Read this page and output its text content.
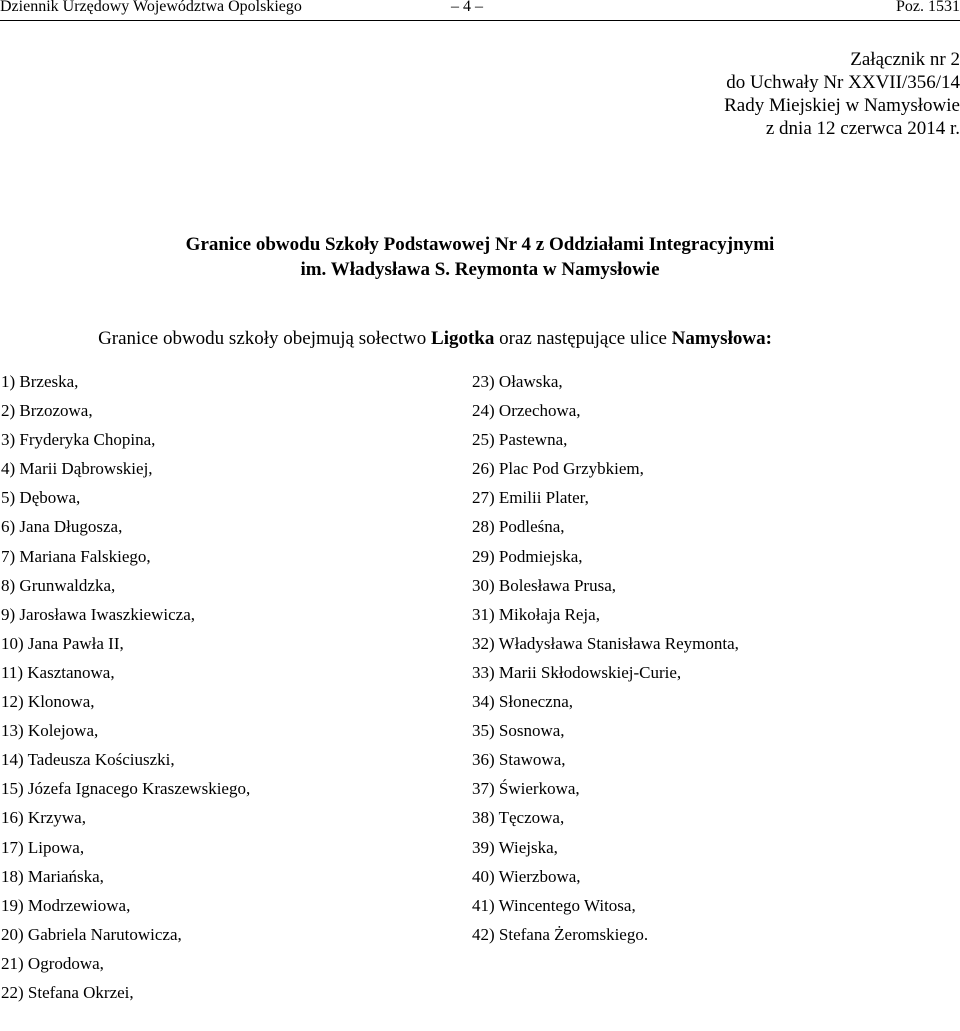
Dziennik Urzędowy Województwa Opolskiego	– 4 –	Poz. 1531
Załącznik nr 2
do Uchwały Nr XXVII/356/14
Rady Miejskiej w Namysłowie
z dnia 12 czerwca 2014 r.
Granice obwodu Szkoły Podstawowej Nr 4 z Oddziałami Integracyjnymi
im. Władysława S. Reymonta w Namysłowie
Granice obwodu szkoły obejmują sołectwo Ligotka oraz następujące ulice Namysłowa:
1) Brzeska,
2) Brzozowa,
3) Fryderyka Chopina,
4) Marii Dąbrowskiej,
5) Dębowa,
6) Jana Długosza,
7) Mariana Falskiego,
8) Grunwaldzka,
9) Jarosława Iwaszkiewicza,
10) Jana Pawła II,
11) Kasztanowa,
12) Klonowa,
13) Kolejowa,
14) Tadeusza Kościuszki,
15) Józefa Ignacego Kraszewskiego,
16) Krzywa,
17) Lipowa,
18) Mariańska,
19) Modrzewiowa,
20) Gabriela Narutowicza,
21) Ogrodowa,
22) Stefana Okrzei,
23) Oławska,
24) Orzechowa,
25) Pastewna,
26) Plac Pod Grzybkiem,
27) Emilii Plater,
28) Podleśna,
29) Podmiejska,
30) Bolesława Prusa,
31) Mikołaja Reja,
32) Władysława Stanisława Reymonta,
33) Marii Skłodowskiej-Curie,
34) Słoneczna,
35) Sosnowa,
36) Stawowa,
37) Świerkowa,
38) Tęczowa,
39) Wiejska,
40) Wierzbowa,
41) Wincentego Witosa,
42) Stefana Żeromskiego.
